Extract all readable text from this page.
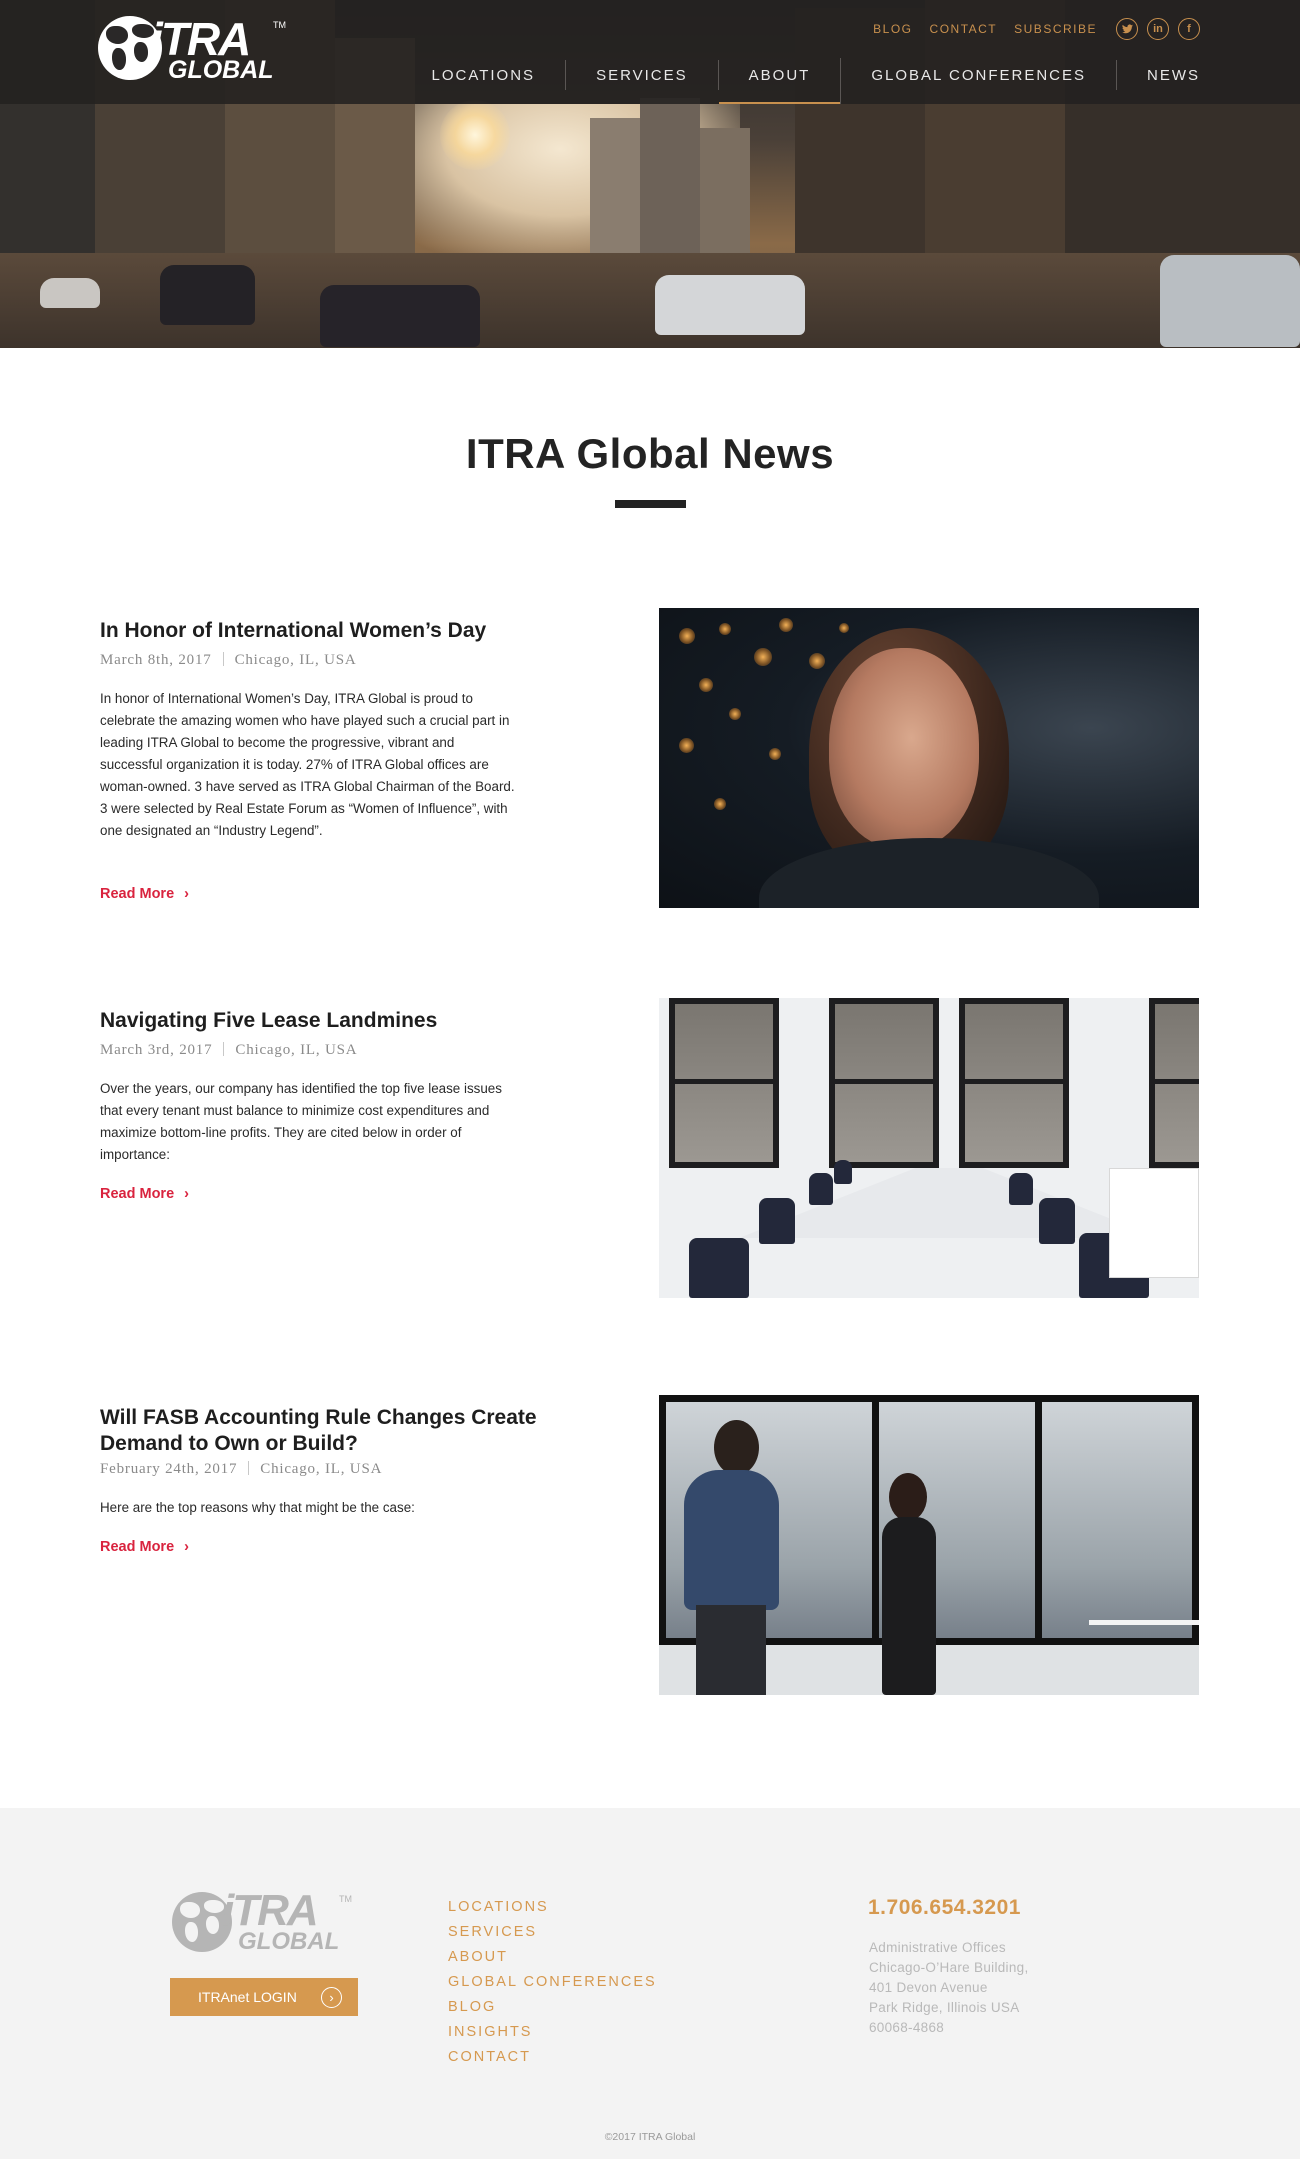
iTRA
GLOBAL
TM	BLOG CONTACT SUBSCRIBE	in	f
LOCATIONS	SERVICES	ABOUT	GLOBAL CONFERENCES	NEWS
ITRA Global News
In Honor of International Women’s Day
March 8th, 2017 Chicago, IL, USA

In honor of International Women’s Day, ITRA Global is proud to celebrate the amazing women who have played such a crucial part in leading ITRA Global to become the progressive, vibrant and successful organization it is today. 27% of ITRA Global offices are woman-owned. 3 have served as ITRA Global Chairman of the Board. 3 were selected by Real Estate Forum as “Women of Influence”, with one designated an “Industry Legend”.

Read More ›
Navigating Five Lease Landmines
March 3rd, 2017 Chicago, IL, USA

Over the years, our company has identified the top five lease issues that every tenant must balance to minimize cost expenditures and maximize bottom-line profits. They are cited below in order of importance:

Read More ›
Will FASB Accounting Rule Changes Create Demand to Own or Build?
February 24th, 2017 Chicago, IL, USA

Here are the top reasons why that might be the case:

Read More ›
iTRA
GLOBAL
TM
ITRAnet LOGIN	›
LOCATIONS
SERVICES
ABOUT
GLOBAL CONFERENCES
BLOG
INSIGHTS
CONTACT
1.706.654.3201
Administrative Offices
Chicago-O’Hare Building,
401 Devon Avenue
Park Ridge, Illinois USA
60068-4868
©2017 ITRA Global
